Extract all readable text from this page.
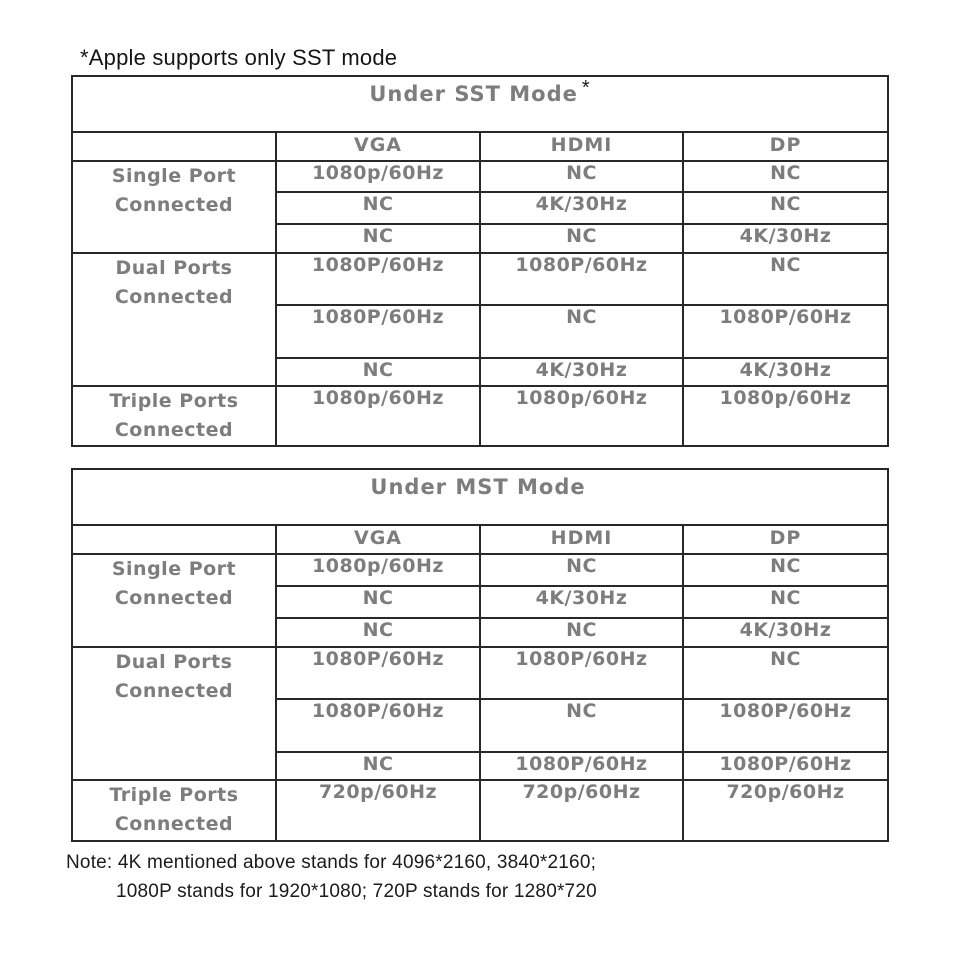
*Apple supports only SST mode
Under SST Mode *			
	VGA	HDMI	DP

Single Port
Connected	1080p/60Hz	NC	NC
	NC	4K/30Hz	NC
	NC	NC	4K/30Hz

Dual Ports
Connected	1080P/60Hz	1080P/60Hz	NC
	1080P/60Hz	NC	1080P/60Hz
	NC	4K/30Hz	4K/30Hz

Triple Ports
Connected	1080p/60Hz	1080p/60Hz	1080p/60Hz
Under MST Mode			
	VGA	HDMI	DP

Single Port
Connected	1080p/60Hz	NC	NC
	NC	4K/30Hz	NC
	NC	NC	4K/30Hz

Dual Ports
Connected	1080P/60Hz	1080P/60Hz	NC
	1080P/60Hz	NC	1080P/60Hz
	NC	1080P/60Hz	1080P/60Hz

Triple Ports
Connected	720p/60Hz	720p/60Hz	720p/60Hz
Note: 4K mentioned above stands for 4096*2160, 3840*2160;
1080P stands for 1920*1080; 720P stands for 1280*720
